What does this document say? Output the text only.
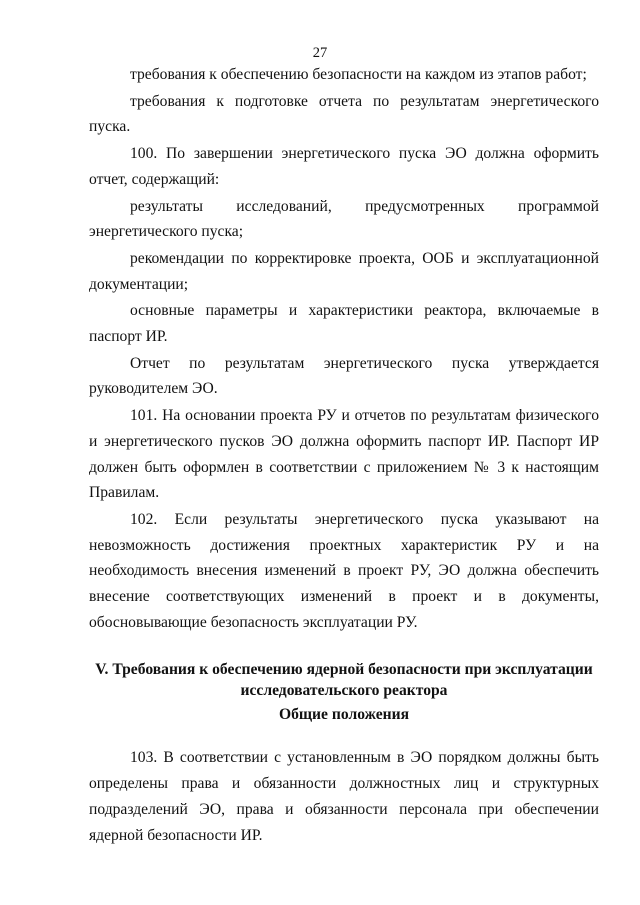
27

требования к обеспечению безопасности на каждом из этапов работ;

требования к подготовке отчета по результатам энергетического пуска.

100. По завершении энергетического пуска ЭО должна оформить отчет, содержащий:

результаты исследований, предусмотренных программой энергетического пуска;

рекомендации по корректировке проекта, ООБ и эксплуатационной документации;

основные параметры и характеристики реактора, включаемые в паспорт ИР.

Отчет по результатам энергетического пуска утверждается руководителем ЭО.

101. На основании проекта РУ и отчетов по результатам физического и энергетического пусков ЭО должна оформить паспорт ИР. Паспорт ИР должен быть оформлен в соответствии с приложением № 3 к настоящим Правилам.

102. Если результаты энергетического пуска указывают на невозможность достижения проектных характеристик РУ и на необходимость внесения изменений в проект РУ, ЭО должна обеспечить внесение соответствующих изменений в проект и в документы, обосновывающие безопасность эксплуатации РУ.

V. Требования к обеспечению ядерной безопасности при эксплуатации исследовательского реактора
Общие положения

103. В соответствии с установленным в ЭО порядком должны быть определены права и обязанности должностных лиц и структурных подразделений ЭО, права и обязанности персонала при обеспечении ядерной безопасности ИР.
